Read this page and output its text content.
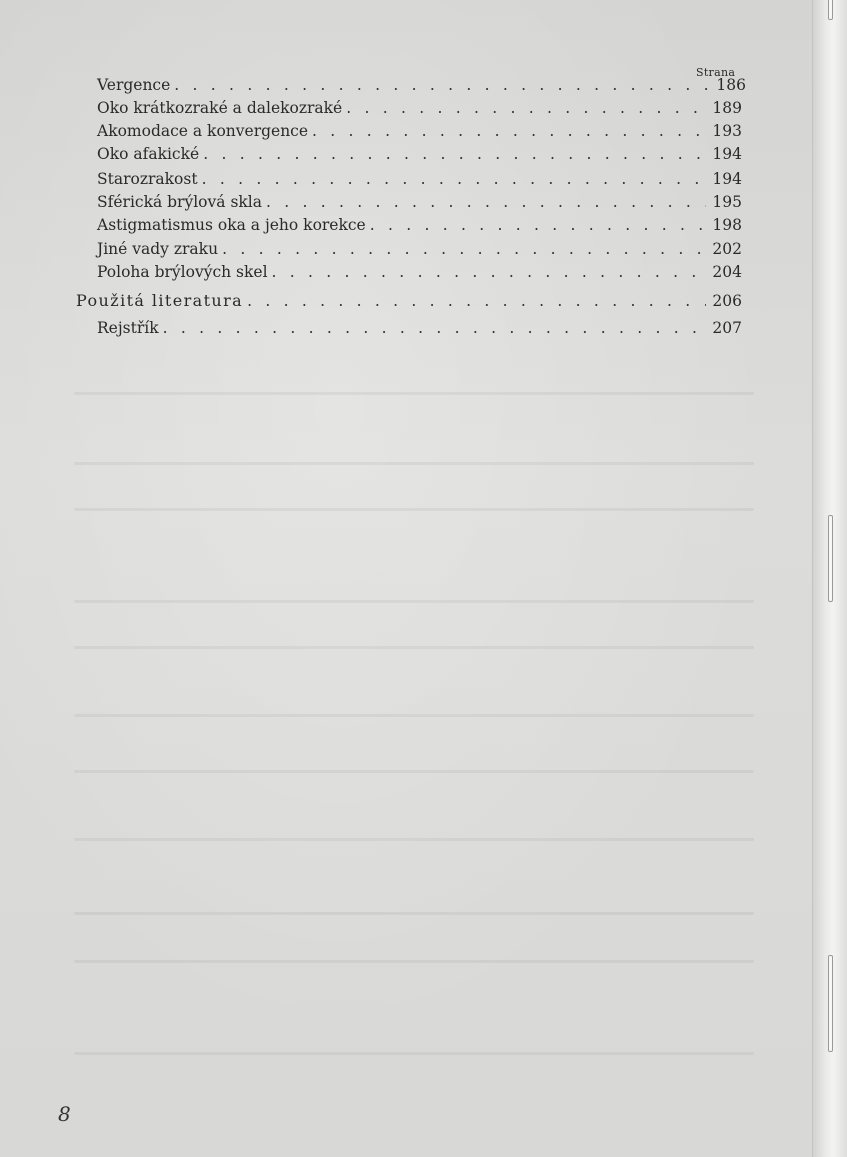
Strana
Vergence . . .	186
Oko krátkozraké a dalekozraké . . .	189
Akomodace a konvergence . . .	193
Oko afakické . . .	194
Starozrakost . . .	194
Sférická brýlová skla . . .	195
Astigmatismus oka a jeho korekce . . .	198
Jiné vady zraku . . .	202
Poloha brýlových skel . . .	204
Použitá literatura . . .	206
Rejstřík . . .	207
8
